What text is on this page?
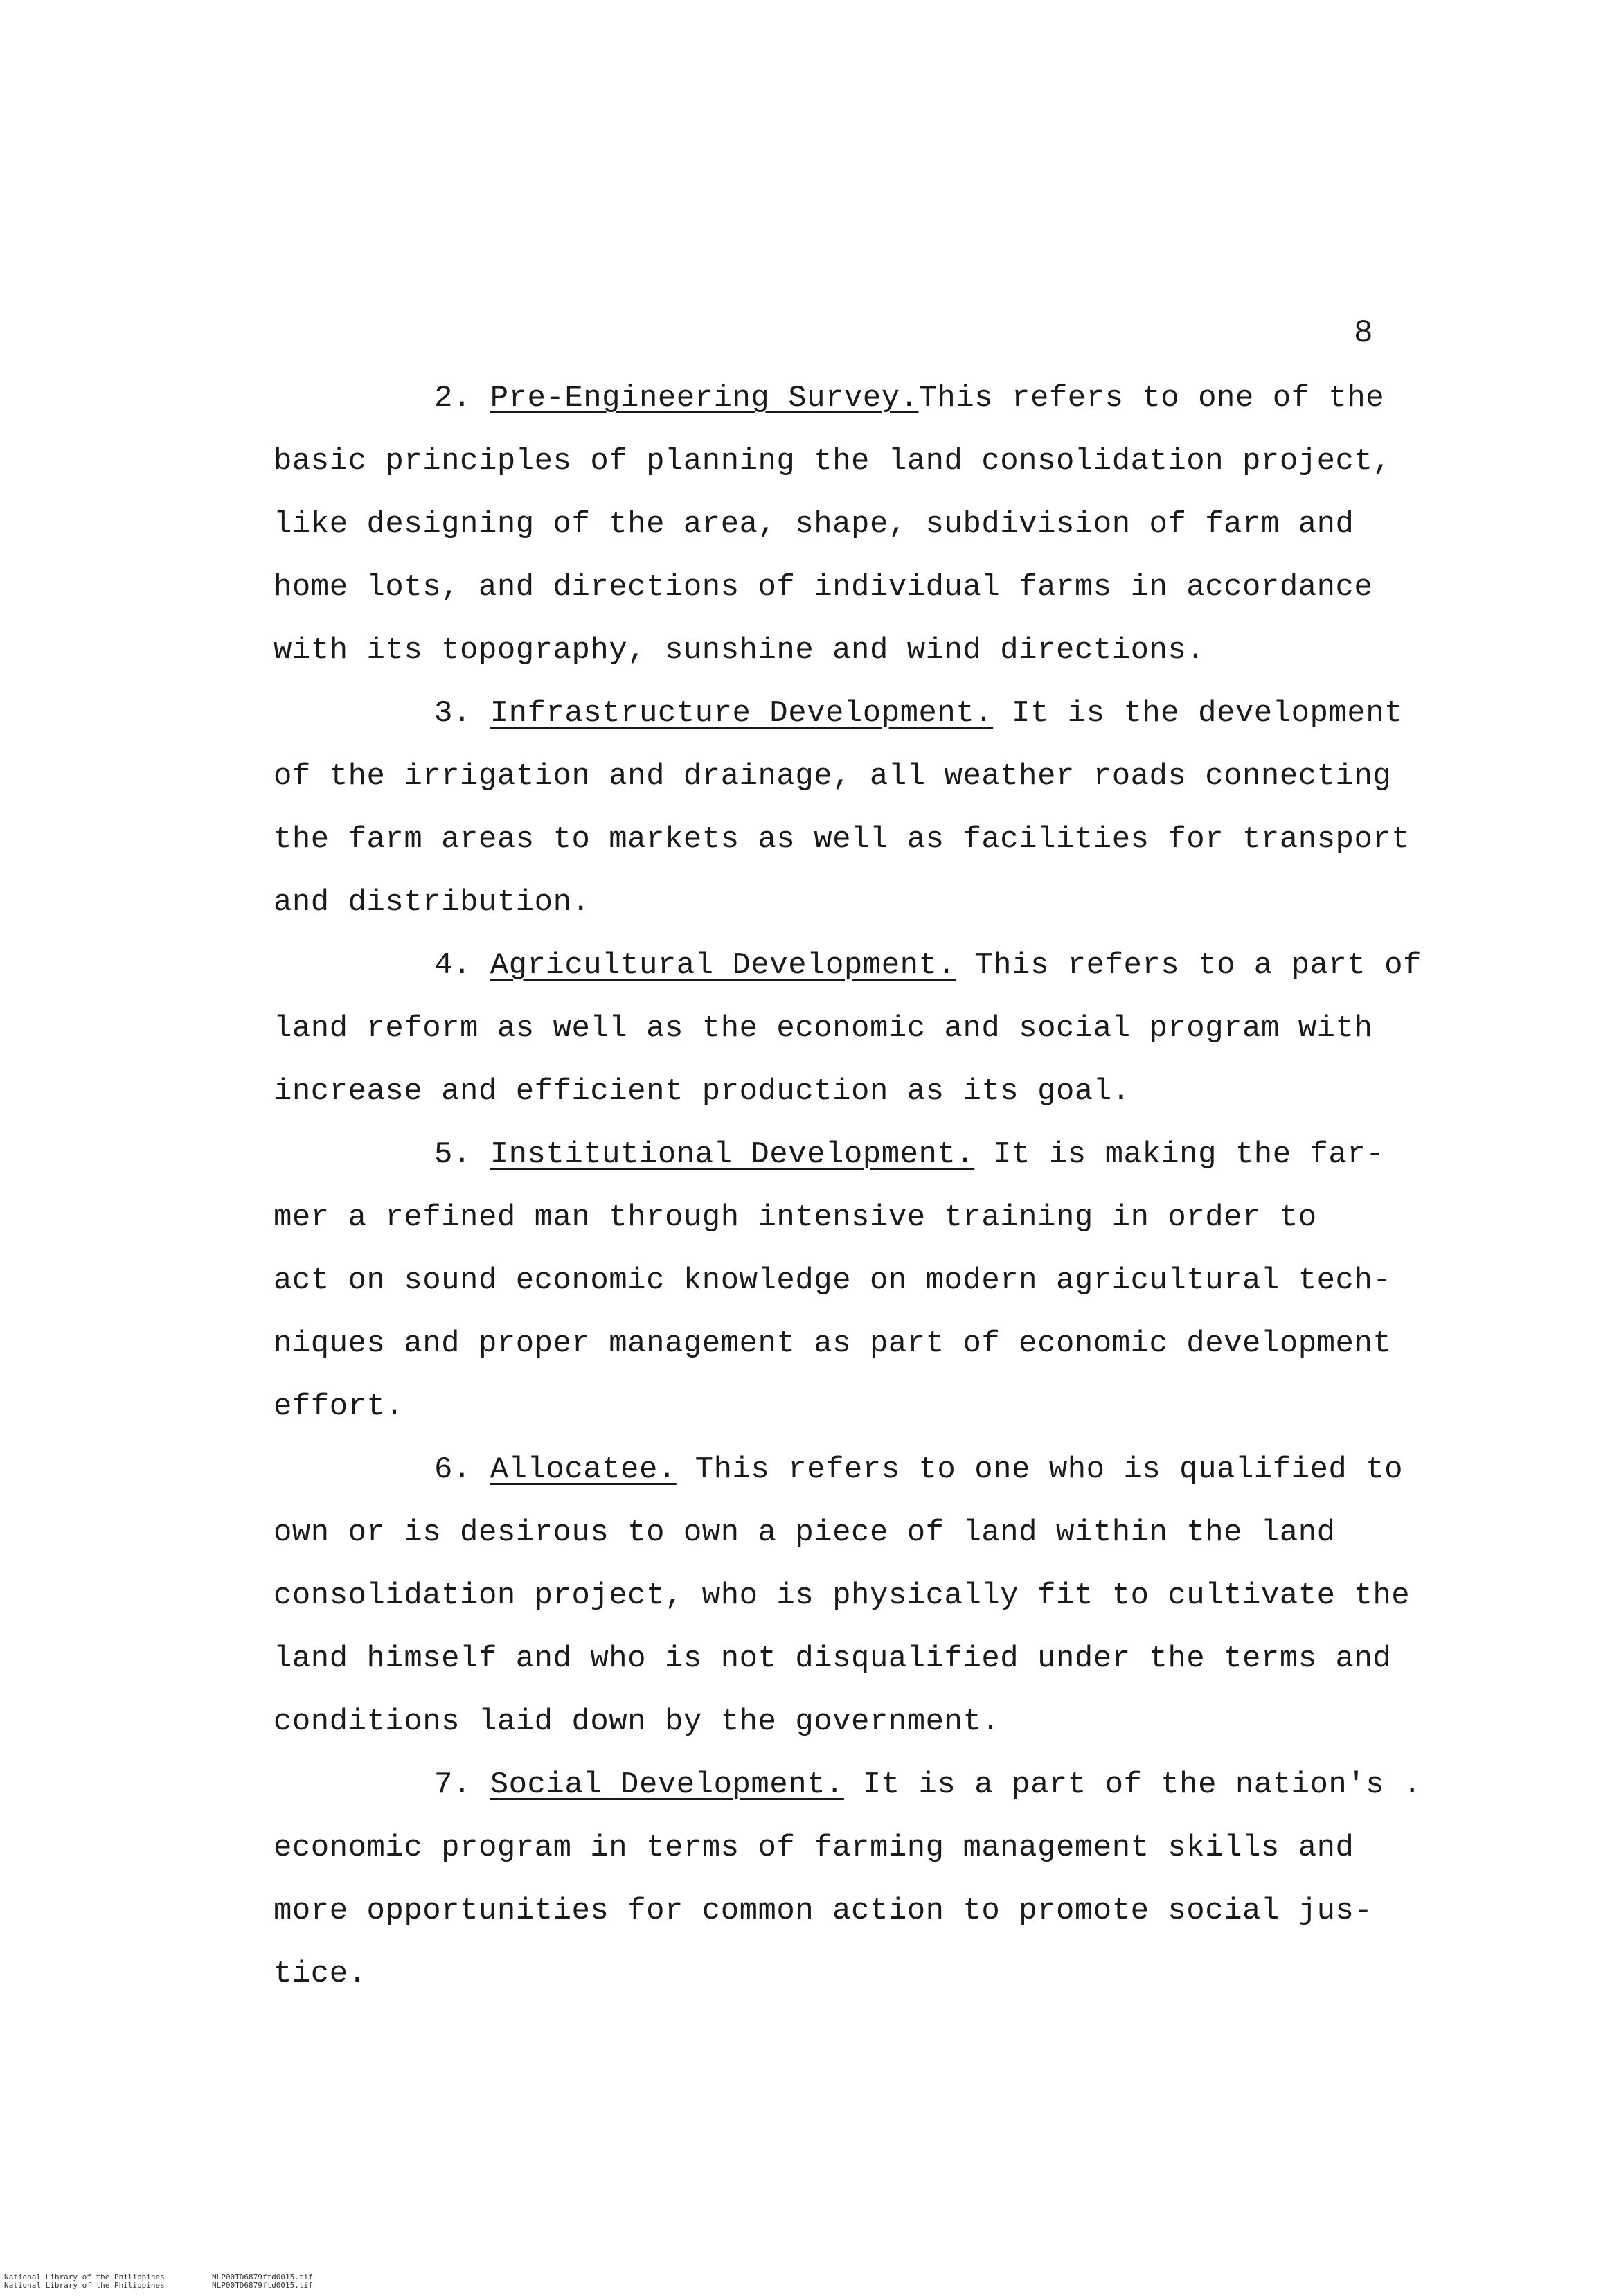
8
2. Pre-Engineering Survey.This refers to one of the
basic principles of planning the land consolidation project,
like designing of the area, shape, subdivision of farm and
home lots, and directions of individual farms in accordance
with its topography, sunshine and wind directions.
3. Infrastructure Development. It is the development
of the irrigation and drainage, all weather roads connecting
the farm areas to markets as well as facilities for transport
and distribution.
4. Agricultural Development. This refers to a part of
land reform as well as the economic and social program with
increase and efficient production as its goal.
5. Institutional Development. It is making the far-
mer a refined man through intensive training in order to
act on sound economic knowledge on modern agricultural tech-
niques and proper management as part of economic development
effort.
6. Allocatee. This refers to one who is qualified to
own or is desirous to own a piece of land within the land
consolidation project, who is physically fit to cultivate the
land himself and who is not disqualified under the terms and
conditions laid down by the government.
7. Social Development. It is a part of the nation's .
economic program in terms of farming management skills and
more opportunities for common action to promote social jus-
tice.
National Library of the Philippines	NLP00TD6879ftd0015.tif
National Library of the Philippines	NLP00TD6879ftd0015.tif
